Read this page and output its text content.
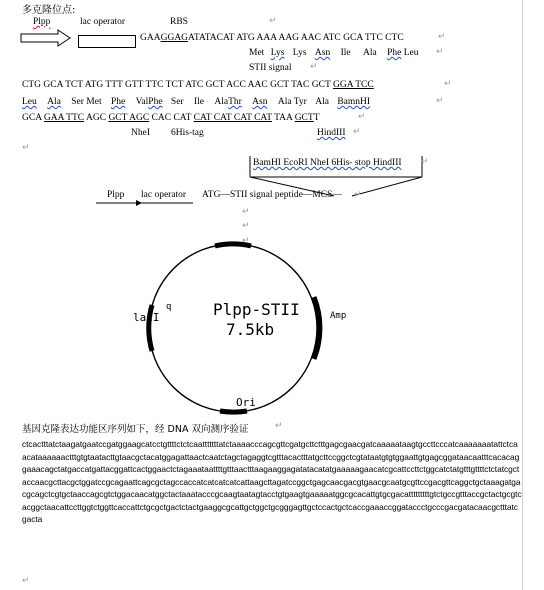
多克隆位点:
Plpp	lac operator	RBS	↵
GAAGGAGATATACAT ATG AAA AAG AAC ATC GCA TTC CTC	↵
Met Lys Lys Asn Ile Ala Phe Leu ↵
STII signal ↵
CTG GCA TCT ATG TTT GTT TTC TCT ATC GCT ACC AAC GCT TAC GCT GGA TCC	↵
Leu Ala Ser Met Phe ValPhe Ser Ile AlaThr Asn Ala Tyr Ala BamnHI	↵
GCA GAA TTC AGC GCT AGC CAC CAT CAT CAT CAT CAT TAA GCTT	↵
NheI 6His-tag	HindIII ↵
↵
BamHI EcoRI NheI 6His- stop HindIII ↵
Plpp lac operator ATG—STII signal peptide—MCS— ↵
↵
↵
↵
Plpp-STII
7.5kb
lacI
q
Amp
Ori
基因克隆表达功能区序列如下，经 DNA 双向测序验证	↵
ctcactttatctaagatgaatccgatggaagcatcctgttttctctcaatttttttatctaaaacccagcgttcgatgcttctttgagcgaacgatcaaaaataagtgccttcccatcaaaaaaatattctcaacataaaaaactttgtgtaatacttgtaacgctacatggagattaactcaatctagctagaggtcgtttacactttatgcttccggctcgtataatgtgtggaattgtgagcggataacaatttcacacaggaaacagctatgaccatgattacggattcactggaactctagaaataattttgtttaactttaagaaggagatatacatatgaaaaagaacatcgcattccttctggcatctatgtttgttttctctatcgctaccaacgcttacgctggatccgcagaattcagcgctagccaccatcatcatcatcattaagcttagatccggctgagcaacgacgtgaacgcaatgcgttccgacgttcaggctgctaaagatgacgcagctcgtgctaaccagcgtctggacaacatggctactaaatacccgcaagtaatagtacctgtgaagtgaaaaatggcgcacattgtgcgacatttttttttgtctgccgtttaccgctactgcgtcacggctaacattccttggtctggttcaccattctgcgctgactctactgaaggcgcattgctggctgcgggagttgctccactgctcaccgaaaccggataccctgcccgacgatacaacgctttatcgacta
↵
